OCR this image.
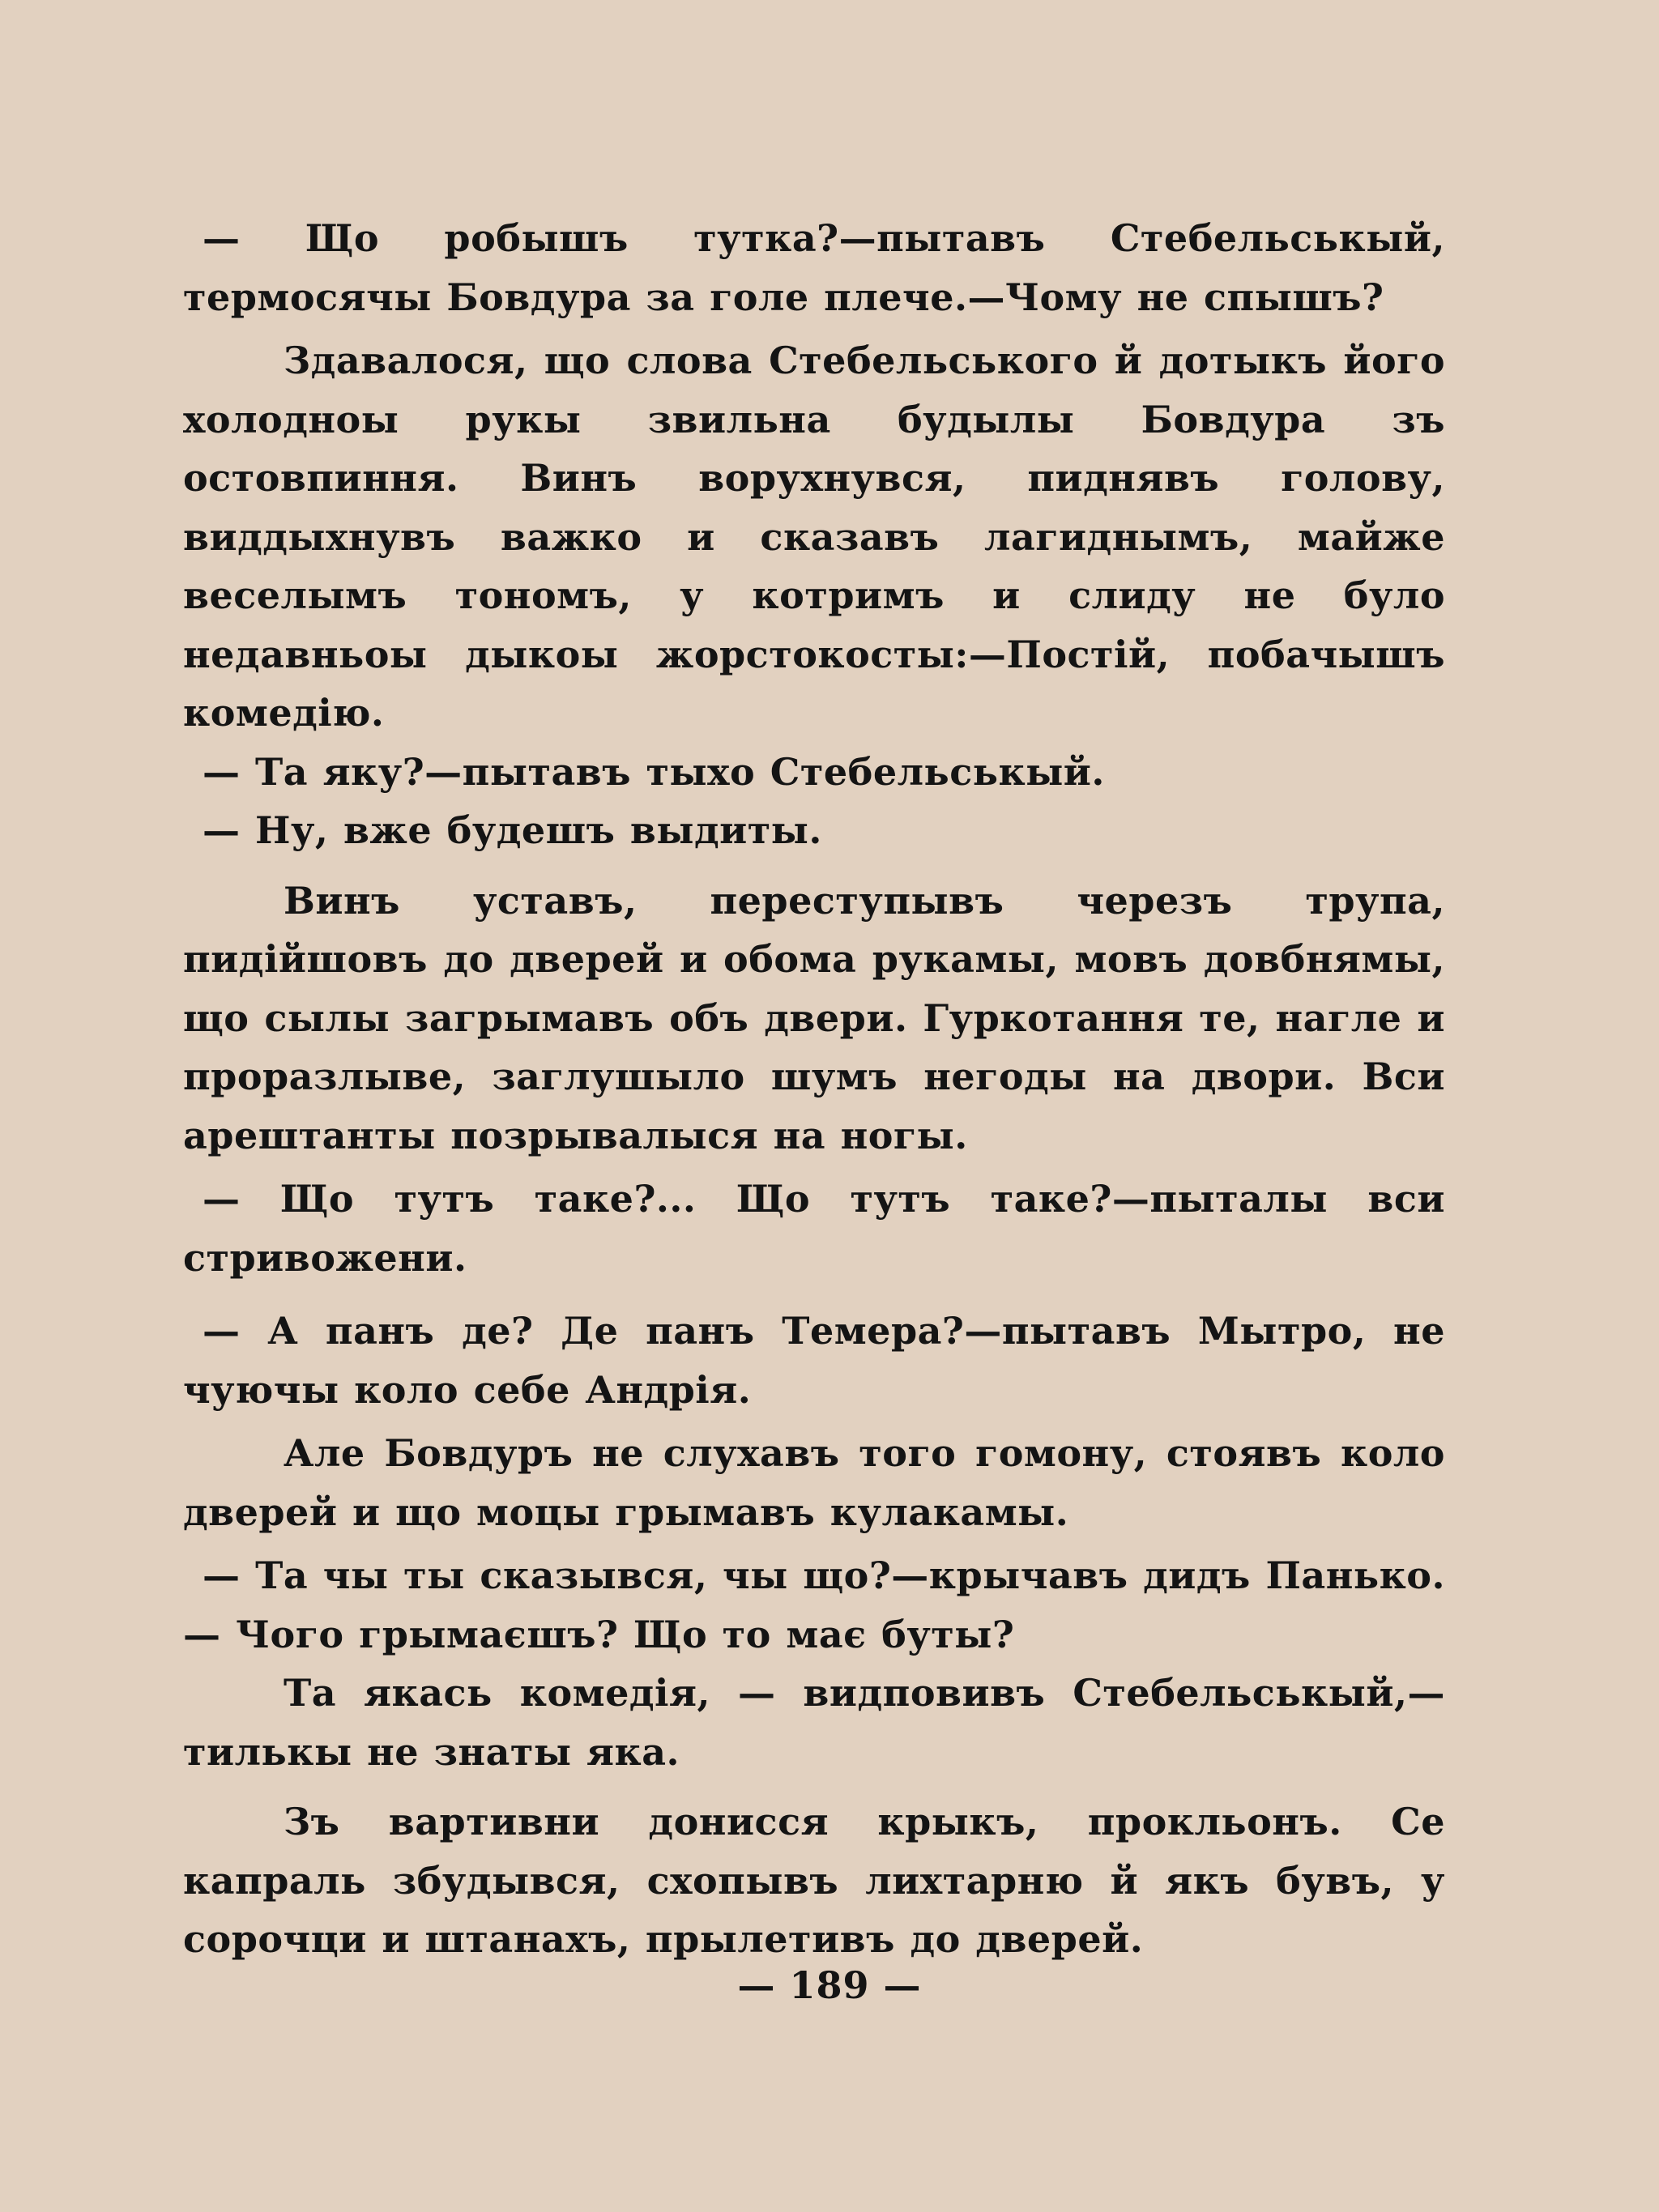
— Що робышъ тутка?—пытавъ Стебельськый, термосячы Бовдура за голе плече.—Чому не спышъ?

Здавалося, що слова Стебельського й дотыкъ його холодноы рукы звильна будылы Бовдура зъ остовпиння. Винъ ворухнувся, пиднявъ голову, виддыхнувъ важко и сказавъ лагиднымъ, майже веселымъ тономъ, у котримъ и слиду не було недавньоы дыкоы жорстокосты:—Постій, побачышъ комедію.

— Та яку?—пытавъ тыхо Стебельськый.

— Ну, вже будешъ выдиты.

Винъ уставъ, переступывъ черезъ трупа, пидійшовъ до дверей и обома рукамы, мовъ довбнямы, що сылы загрымавъ объ двери. Гуркотання те, нагле и проразлыве, заглушыло шумъ негоды на двори. Вси арештанты позрывалыся на ногы.

— Що тутъ таке?... Що тутъ таке?—пыталы вси стривожени.

— А панъ де? Де панъ Темера?—пытавъ Мытро, не чуючы коло себе Андрія.

Але Бовдуръ не слухавъ того гомону, стоявъ коло дверей и що моцы грымавъ кулакамы.

— Та чы ты сказывся, чы що?—крычавъ дидъ Панько.— Чого грымаєшъ? Що то має буты?

Та якась комедія, — видповивъ Стебельськый,— тилькы не знаты яка.

Зъ вартивни донисся крыкъ, прокльонъ. Се капраль збудывся, схопывъ лихтарню й якъ бувъ, у сорочци и штанахъ, прылетивъ до дверей.

— 189 —
